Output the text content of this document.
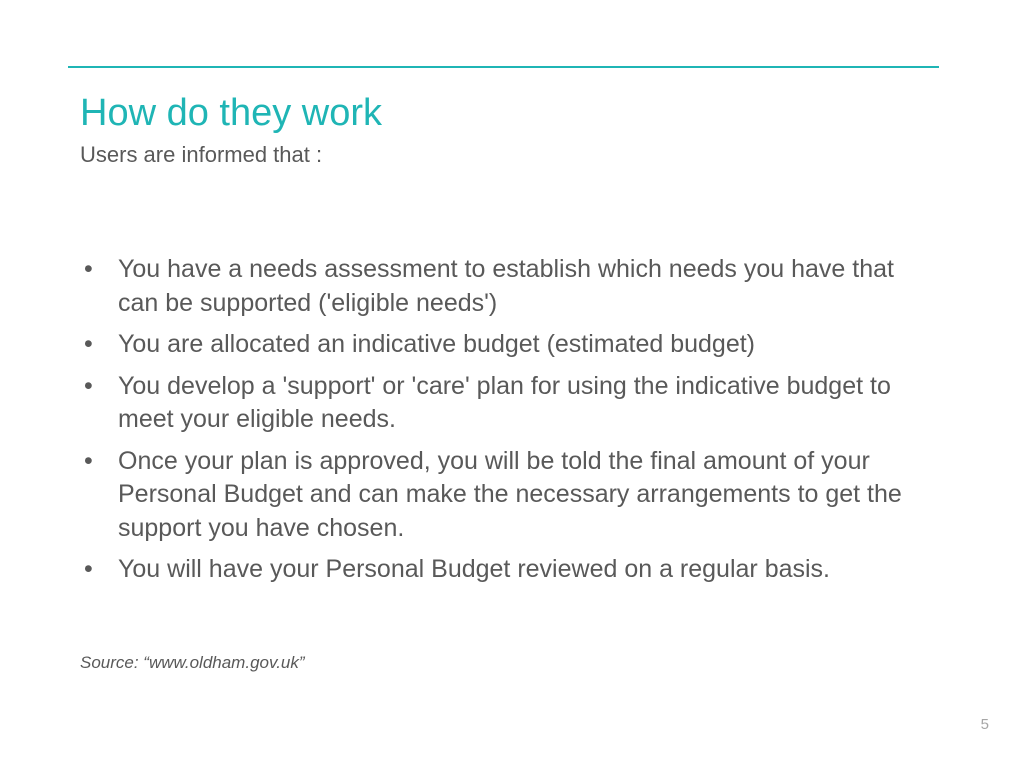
How do they work

Users are informed that :

• You have a needs assessment to establish which needs you have that can be supported ('eligible needs')
• You are allocated an indicative budget (estimated budget)
• You develop a 'support' or 'care' plan for using the indicative budget to meet your eligible needs.
• Once your plan is approved, you will be told the final amount of your Personal Budget and can make the necessary arrangements to get the support you have chosen.
• You will have your Personal Budget reviewed on a regular basis.
Source: “www.oldham.gov.uk”
5
